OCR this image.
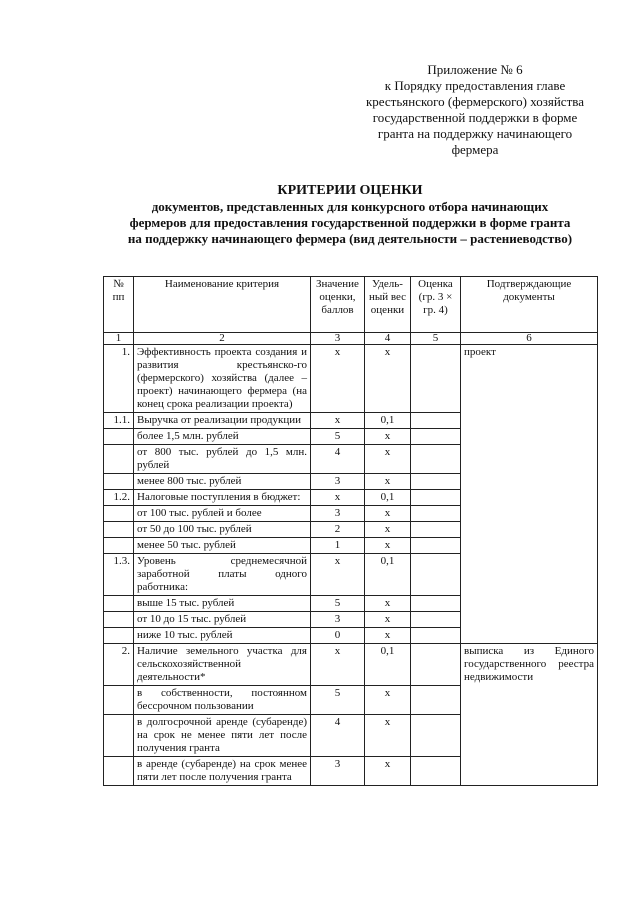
Приложение № 6
к Порядку предоставления главе
крестьянского (фермерского) хозяйства
государственной поддержки в форме
гранта на поддержку начинающего
фермера
КРИТЕРИИ ОЦЕНКИ
документов, представленных для конкурсного отбора начинающих
фермеров для предоставления государственной поддержки в форме гранта
на поддержку начинающего фермера (вид деятельности – растениеводство)
№ пп	Наименование критерия	Значение оценки, баллов	Удель-ный вес оценки	Оценка (гр. 3 × гр. 4)	Подтверждающие документы
1	2	3	4	5	6
1.	Эффективность проекта создания и развития крестьянско-го (фермерского) хозяйства (далее – проект) начинающего фермера (на конец срока реализации проекта)	х	х		проект
1.1.	Выручка от реализации продукции	х	0,1		
	более 1,5 млн. рублей	5	х		
	от 800 тыс. рублей до 1,5 млн. рублей	4	х		
	менее 800 тыс. рублей	3	х		
1.2.	Налоговые поступления в бюджет:	х	0,1		
	от 100 тыс. рублей и более	3	х		
	от 50 до 100 тыс. рублей	2	х		
	менее 50 тыс. рублей	1	х		
1.3.	Уровень среднемесячной заработной платы одного работника:	х	0,1		
	выше 15 тыс. рублей	5	х		
	от 10 до 15 тыс. рублей	3	х		
	ниже 10 тыс. рублей	0	х		
2.	Наличие земельного участка для сельскохозяйственной деятельности*	х	0,1		выписка из Единого государственного реестра недвижимости
	в собственности, постоянном бессрочном пользовании	5	х		
	в долгосрочной аренде (субаренде) на срок не менее пяти лет после получения гранта	4	х		
	в аренде (субаренде) на срок менее пяти лет после получения гранта	3	х		
